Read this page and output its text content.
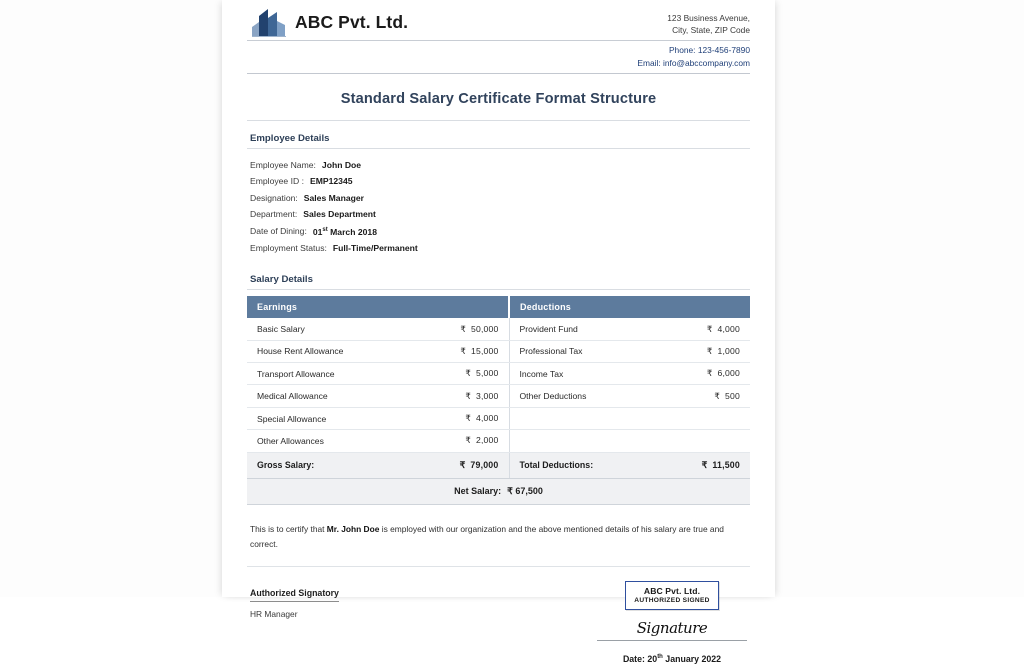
ABC Pvt. Ltd.	123 Business Avenue,
City, State, ZIP Code
Phone: 123-456-7890
Email: info@abccompany.com
Standard Salary Certificate Format Structure
Employee Details
Employee Name: John Doe
Employee ID : EMP12345
Designation: Sales Manager
Department: Sales Department
Date of Dining: 01st March 2018
Employment Status: Full-Time/Permanent
Salary Details
Earnings		Deductions	
Basic Salary	₹ 50,000	Provident Fund	₹ 4,000
House Rent Allowance	₹ 15,000	Professional Tax	₹ 1,000
Transport Allowance	₹ 5,000	Income Tax	₹ 6,000
Medical Allowance	₹ 3,000	Other Deductions	₹ 500
Special Allowance	₹ 4,000		
Other Allowances	₹ 2,000		
Gross Salary:	₹ 79,000	Total Deductions:	₹ 11,500
Net Salary: ₹ 67,500			
This is to certify that Mr. John Doe is employed with our organization and the above mentioned details of his salary are true and correct.
Authorized Signatory
HR Manager
ABC Pvt. Ltd.
AUTHORIZED SIGNED
Signature
Date: 20th January 2022
